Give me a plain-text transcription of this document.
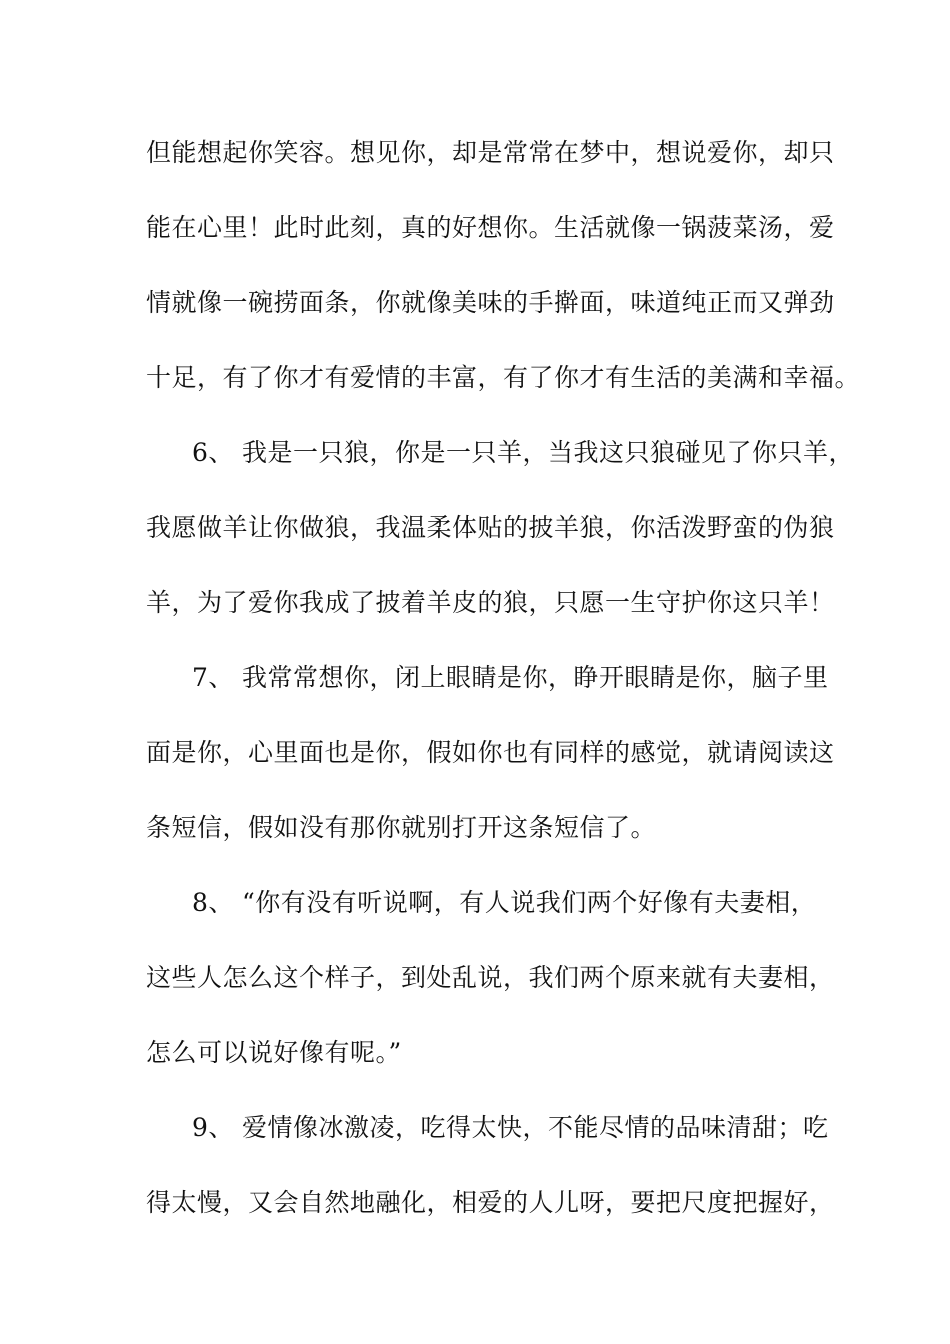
但能想起你笑容。想见你，却是常常在梦中，想说爱你，却只
能在心里！此时此刻，真的好想你。生活就像一锅菠菜汤，爱
情就像一碗捞面条，你就像美味的手擀面，味道纯正而又弹劲
十足，有了你才有爱情的丰富，有了你才有生活的美满和幸福。
6、 我是一只狼，你是一只羊，当我这只狼碰见了你只羊，
我愿做羊让你做狼，我温柔体贴的披羊狼，你活泼野蛮的伪狼
羊，为了爱你我成了披着羊皮的狼，只愿一生守护你这只羊！
7、 我常常想你，闭上眼睛是你，睁开眼睛是你，脑子里
面是你，心里面也是你，假如你也有同样的感觉，就请阅读这
条短信，假如没有那你就别打开这条短信了。
8、 “你有没有听说啊，有人说我们两个好像有夫妻相，
这些人怎么这个样子，到处乱说，我们两个原来就有夫妻相，
怎么可以说好像有呢。”
9、 爱情像冰激凌，吃得太快，不能尽情的品味清甜；吃
得太慢，又会自然地融化，相爱的人儿呀，要把尺度把握好，
